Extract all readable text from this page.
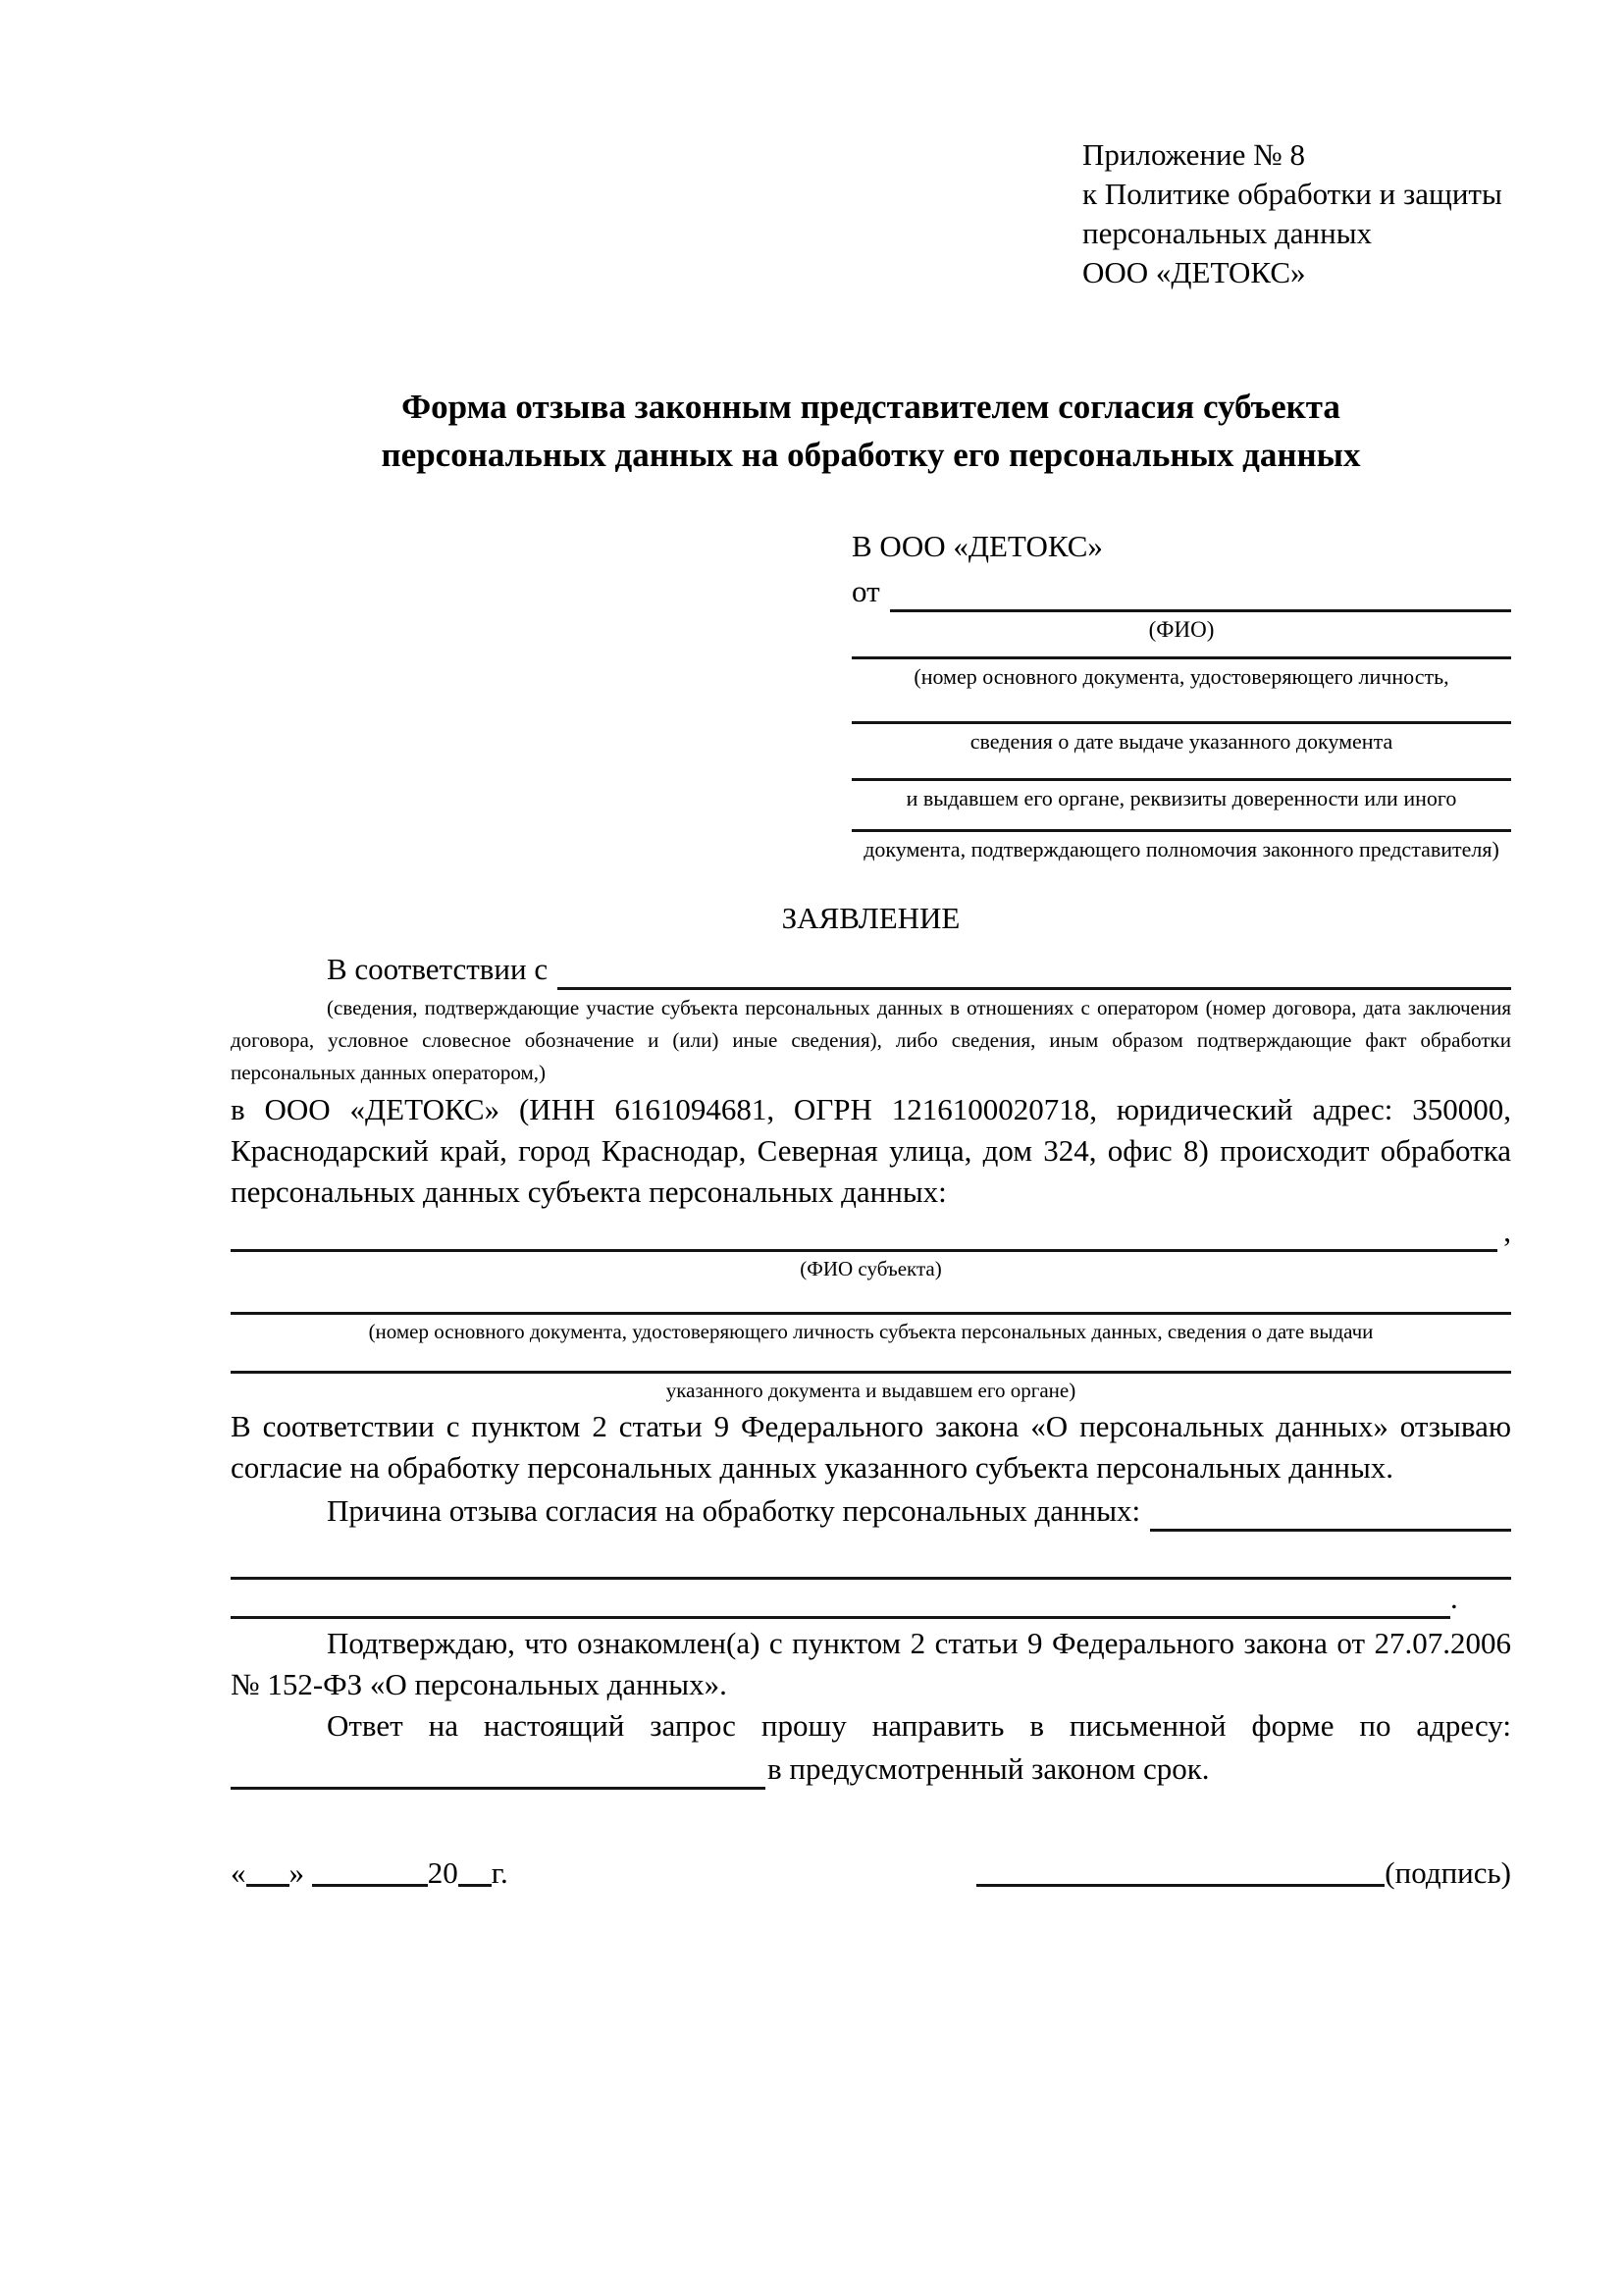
Приложение № 8
к Политике обработки и защиты
персональных данных
ООО «ДЕТОКС»
Форма отзыва законным представителем согласия субъекта
персональных данных на обработку его персональных данных
В ООО «ДЕТОКС»
от
(ФИО)
(номер основного документа, удостоверяющего личность,
сведения о дате выдаче указанного документа
и выдавшем его органе, реквизиты доверенности или иного
документа, подтверждающего полномочия законного представителя)
ЗАЯВЛЕНИЕ
В соответствии с
(сведения, подтверждающие участие субъекта персональных данных в отношениях с оператором (номер договора, дата заключения договора, условное словесное обозначение и (или) иные сведения), либо сведения, иным образом подтверждающие факт обработки персональных данных оператором,)
в ООО «ДЕТОКС» (ИНН 6161094681, ОГРН 1216100020718, юридический адрес: 350000, Краснодарский край, город Краснодар, Северная улица, дом 324, офис 8) происходит обработка персональных данных субъекта персональных данных:
,
(ФИО субъекта)
(номер основного документа, удостоверяющего личность субъекта персональных данных, сведения о дате выдачи
указанного документа и выдавшем его органе)
В соответствии с пунктом 2 статьи 9 Федерального закона «О персональных данных» отзываю согласие на обработку персональных данных указанного субъекта персональных данных.
Причина отзыва согласия на обработку персональных данных:
.
Подтверждаю, что ознакомлен(а) с пунктом 2 статьи 9 Федерального закона от 27.07.2006 № 152-ФЗ «О персональных данных».
Ответ на настоящий запрос прошу направить в письменной форме по адресу:
в предусмотренный законом срок.
« »	20 г.	(подпись)
